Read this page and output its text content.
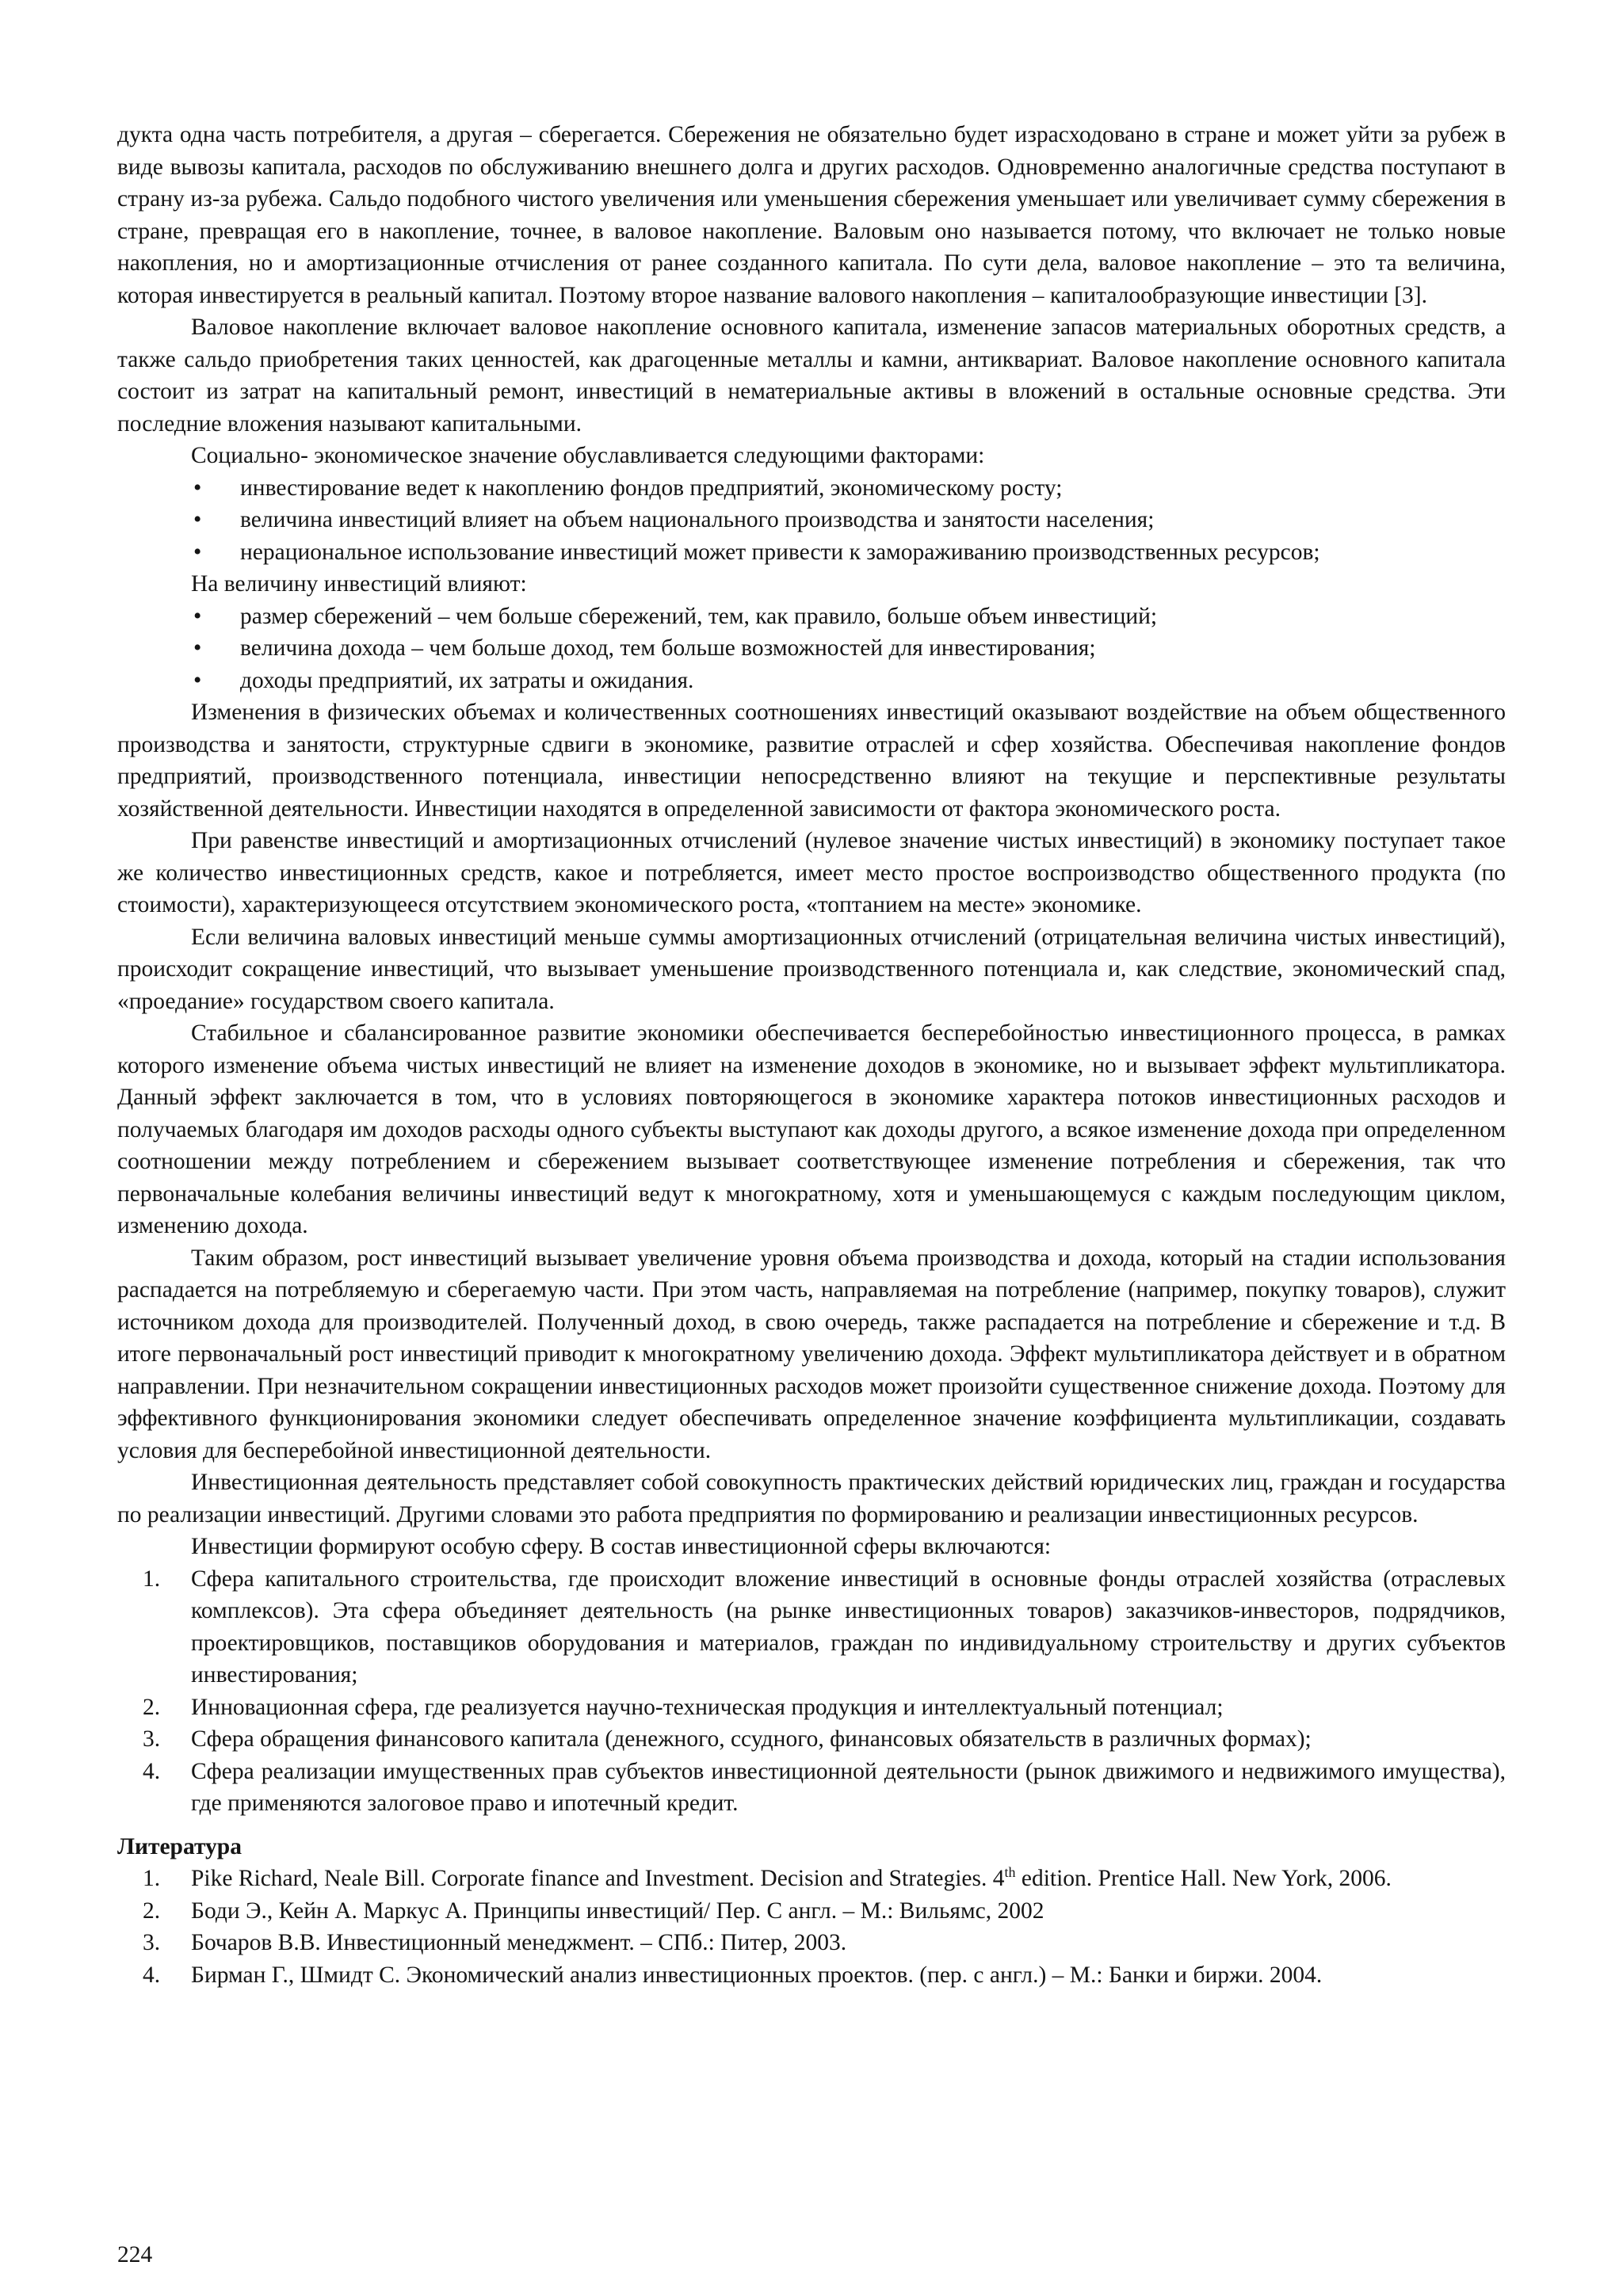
дукта одна часть потребителя, а другая – сберегается. Сбережения не обязательно будет израсходовано в стране и может уйти за рубеж в виде вывозы капитала, расходов по обслуживанию внешнего долга и других расходов. Одновременно аналогичные средства поступают в страну из-за рубежа. Сальдо подобного чистого увеличения или уменьшения сбережения уменьшает или увеличивает сумму сбережения в стране, превращая его в накопление, точнее, в валовое накопление. Валовым оно называется потому, что включает не только новые накопления, но и амортизационные отчисления от ранее созданного капитала. По сути дела, валовое накопление – это та величина, которая инвестируется в реальный капитал. Поэтому второе название валового накопления – капиталообразующие инвестиции [3].

Валовое накопление включает валовое накопление основного капитала, изменение запасов материальных оборотных средств, а также сальдо приобретения таких ценностей, как драгоценные металлы и камни, антиквариат. Валовое накопление основного капитала состоит из затрат на капитальный ремонт, инвестиций в нематериальные активы в вложений в остальные основные средства. Эти последние вложения называют капитальными.

Социально- экономическое значение обуславливается следующими факторами:

• инвестирование ведет к накоплению фондов предприятий, экономическому росту;
• величина инвестиций влияет на объем национального производства и занятости населения;
• нерациональное использование инвестиций может привести к замораживанию производственных ресурсов;

На величину инвестиций влияют:

• размер сбережений – чем больше сбережений, тем, как правило, больше объем инвестиций;
• величина дохода – чем больше доход, тем больше возможностей для инвестирования;
• доходы предприятий, их затраты и ожидания.

Изменения в физических объемах и количественных соотношениях инвестиций оказывают воздействие на объем общественного производства и занятости, структурные сдвиги в экономике, развитие отраслей и сфер хозяйства. Обеспечивая накопление фондов предприятий, производственного потенциала, инвестиции непосредственно влияют на текущие и перспективные результаты хозяйственной деятельности. Инвестиции находятся в определенной зависимости от фактора экономического роста.

При равенстве инвестиций и амортизационных отчислений (нулевое значение чистых инвестиций) в экономику поступает такое же количество инвестиционных средств, какое и потребляется, имеет место простое воспроизводство общественного продукта (по стоимости), характеризующееся отсутствием экономического роста, «топтанием на месте» экономике.

Если величина валовых инвестиций меньше суммы амортизационных отчислений (отрицательная величина чистых инвестиций), происходит сокращение инвестиций, что вызывает уменьшение производственного потенциала и, как следствие, экономический спад, «проедание» государством своего капитала.

Стабильное и сбалансированное развитие экономики обеспечивается бесперебойностью инвестиционного процесса, в рамках которого изменение объема чистых инвестиций не влияет на изменение доходов в экономике, но и вызывает эффект мультипликатора. Данный эффект заключается в том, что в условиях повторяющегося в экономике характера потоков инвестиционных расходов и получаемых благодаря им доходов расходы одного субъекты выступают как доходы другого, а всякое изменение дохода при определенном соотношении между потреблением и сбережением вызывает соответствующее изменение потребления и сбережения, так что первоначальные колебания величины инвестиций ведут к многократному, хотя и уменьшающемуся с каждым последующим циклом, изменению дохода.

Таким образом, рост инвестиций вызывает увеличение уровня объема производства и дохода, который на стадии использования распадается на потребляемую и сберегаемую части. При этом часть, направляемая на потребление (например, покупку товаров), служит источником дохода для производителей. Полученный доход, в свою очередь, также распадается на потребление и сбережение и т.д. В итоге первоначальный рост инвестиций приводит к многократному увеличению дохода. Эффект мультипликатора действует и в обратном направлении. При незначительном сокращении инвестиционных расходов может произойти существенное снижение дохода. Поэтому для эффективного функционирования экономики следует обеспечивать определенное значение коэффициента мультипликации, создавать условия для бесперебойной инвестиционной деятельности.

Инвестиционная деятельность представляет собой совокупность практических действий юридических лиц, граждан и государства по реализации инвестиций. Другими словами это работа предприятия по формированию и реализации инвестиционных ресурсов.

Инвестиции формируют особую сферу. В состав инвестиционной сферы включаются:

1. Сфера капитального строительства, где происходит вложение инвестиций в основные фонды отраслей хозяйства (отраслевых комплексов). Эта сфера объединяет деятельность (на рынке инвестиционных товаров) заказчиков-инвесторов, подрядчиков, проектировщиков, поставщиков оборудования и материалов, граждан по индивидуальному строительству и других субъектов инвестирования;
2. Инновационная сфера, где реализуется научно-техническая продукция и интеллектуальный потенциал;
3. Сфера обращения финансового капитала (денежного, ссудного, финансовых обязательств в различных формах);
4. Сфера реализации имущественных прав субъектов инвестиционной деятельности (рынок движимого и недвижимого имущества), где применяются залоговое право и ипотечный кредит.
Литература
1. Pike Richard, Neale Bill. Corporate finance and Investment. Decision and Strategies. 4th edition. Prentice Hall. New York, 2006.
2. Боди Э., Кейн А. Маркус А. Принципы инвестиций/ Пер. С англ. – М.: Вильямс, 2002
3. Бочаров В.В. Инвестиционный менеджмент. – СПб.: Питер, 2003.
4. Бирман Г., Шмидт С. Экономический анализ инвестиционных проектов. (пер. с англ.) – М.: Банки и биржи. 2004.
224
